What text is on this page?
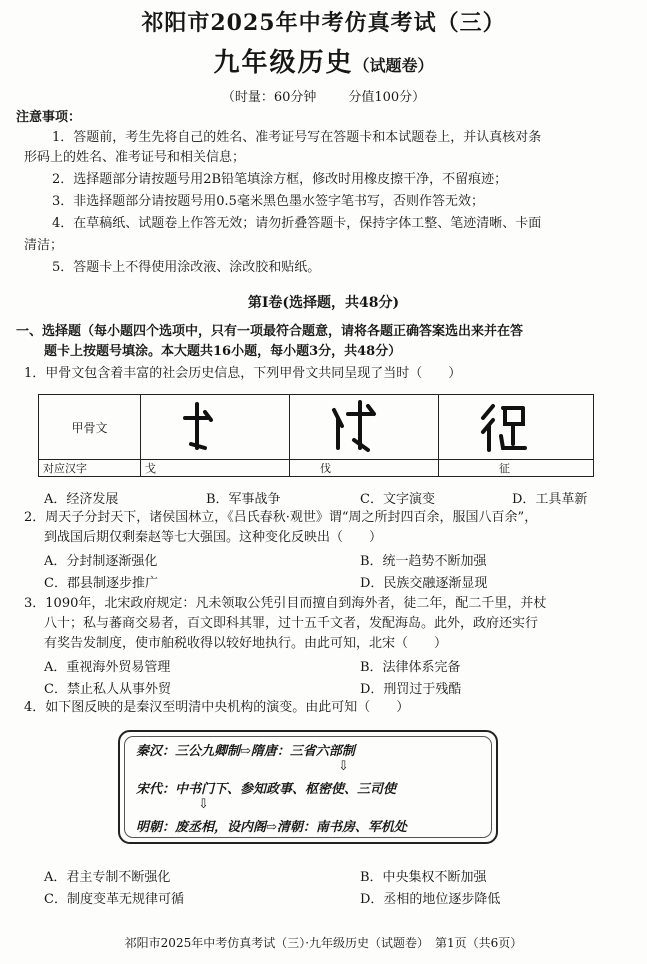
祁阳市2025年中考仿真考试（三）
九年级历史（试题卷）
（时量：60分钟 分值100分）
注意事项：
1．答题前，考生先将自己的姓名、准考证号写在答题卡和本试题卷上，并认真核对条
形码上的姓名、准考证号和相关信息；
2．选择题部分请按题号用2B铅笔填涂方框，修改时用橡皮擦干净，不留痕迹；
3．非选择题部分请按题号用0.5毫米黑色墨水签字笔书写，否则作答无效；
4．在草稿纸、试题卷上作答无效；请勿折叠答题卡，保持字体工整、笔迹清晰、卡面
清洁；
5．答题卡上不得使用涂改液、涂改胶和贴纸。
第Ⅰ卷(选择题，共48分)
一、选择题（每小题四个选项中，只有一项最符合题意，请将各题正确答案选出来并在答
题卡上按题号填涂。本大题共16小题，每小题3分，共48分）
1．甲骨文包含着丰富的社会历史信息，下列甲骨文共同呈现了当时（　　）
甲骨文			
对应汉字	戈	伐	征
A．经济发展	B．军事战争	C．文字演变	D．工具革新
2．周天子分封天下，诸侯国林立，《吕氏春秋·观世》谓“周之所封四百余，服国八百余”，
到战国后期仅剩秦赵等七大强国。这种变化反映出（　　）
A．分封制逐渐强化	B．统一趋势不断加强
C．郡县制逐步推广	D．民族交融逐渐显现
3．1090年，北宋政府规定：凡未领取公凭引目而擅自到海外者，徒二年，配二千里，并杖
八十；私与蕃商交易者，百文即科其罪，过十五千文者，发配海岛。此外，政府还实行
有奖告发制度，使市舶税收得以较好地执行。由此可知，北宋（　　）
A．重视海外贸易管理	B．法律体系完备
C．禁止私人从事外贸	D．刑罚过于残酷
4．如下图反映的是秦汉至明清中央机构的演变。由此可知（　　）
秦汉：三公九卿制⇨隋唐：三省六部制
⇩
宋代：中书门下、参知政事、枢密使、三司使
⇩
明朝：废丞相，设内阁⇨清朝：南书房、军机处
A．君主专制不断强化	B．中央集权不断加强
C．制度变革无规律可循	D．丞相的地位逐步降低
祁阳市2025年中考仿真考试（三）·九年级历史（试题卷）　第1页（共6页）
